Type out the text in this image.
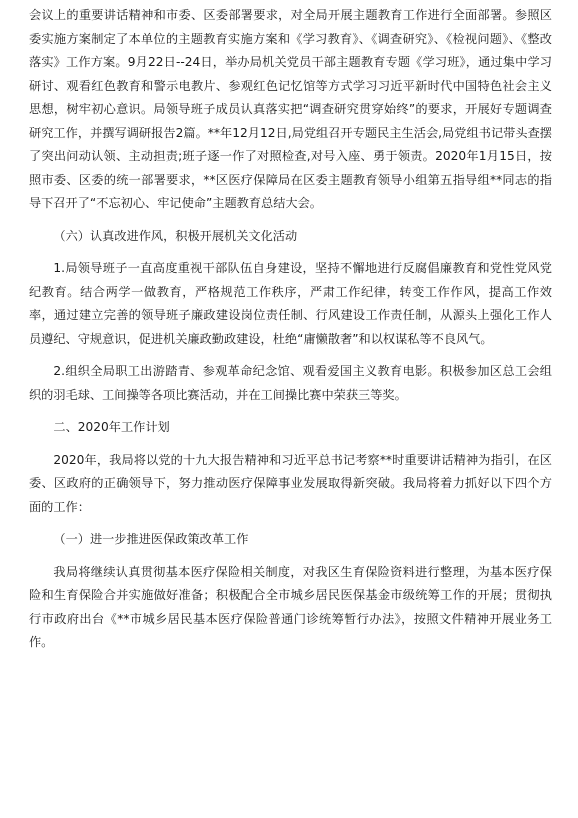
会议上的重要讲话精神和市委、区委部署要求，对全局开展主题教育工作进行全面部署。参照区委实施方案制定了本单位的主题教育实施方案和《学习教育》、《调查研究》、《检视问题》、《整改落实》工作方案。9月22日--24日，举办局机关党员干部主题教育专题《学习班》，通过集中学习研讨、观看红色教育和警示电教片、参观红色记忆馆等方式学习习近平新时代中国特色社会主义思想，树牢初心意识。局领导班子成员认真落实把“调查研究贯穿始终”的要求，开展好专题调查研究工作，并撰写调研报告2篇。**年12月12日,局党组召开专题民主生活会,局党组书记带头查摆了突出问动认领、主动担责;班子逐一作了对照检查,对号入座、勇于领责。2020年1月15日，按照市委、区委的统一部署要求，**区医疗保障局在区委主题教育领导小组第五指导组**同志的指导下召开了“不忘初心、牢记使命”主题教育总结大会。

（六）认真改进作风，积极开展机关文化活动

1.局领导班子一直高度重视干部队伍自身建设，坚持不懈地进行反腐倡廉教育和党性党风党纪教育。结合两学一做教育，严格规范工作秩序，严肃工作纪律，转变工作作风，提高工作效率，通过建立完善的领导班子廉政建设岗位责任制、行风建设工作责任制，从源头上强化工作人员遵纪、守规意识，促进机关廉政勤政建设，杜绝“庸懒散奢”和以权谋私等不良风气。

2.组织全局职工出游踏青、参观革命纪念馆、观看爱国主义教育电影。积极参加区总工会组织的羽毛球、工间操等各项比赛活动，并在工间操比赛中荣获三等奖。

二、2020年工作计划

2020年，我局将以党的十九大报告精神和习近平总书记考察**时重要讲话精神为指引，在区委、区政府的正确领导下，努力推动医疗保障事业发展取得新突破。我局将着力抓好以下四个方面的工作：

（一）进一步推进医保政策改革工作

我局将继续认真贯彻基本医疗保险相关制度，对我区生育保险资料进行整理，为基本医疗保险和生育保险合并实施做好准备；积极配合全市城乡居民医保基金市级统筹工作的开展；贯彻执行市政府出台《**市城乡居民基本医疗保险普通门诊统筹暂行办法》，按照文件精神开展业务工作。
